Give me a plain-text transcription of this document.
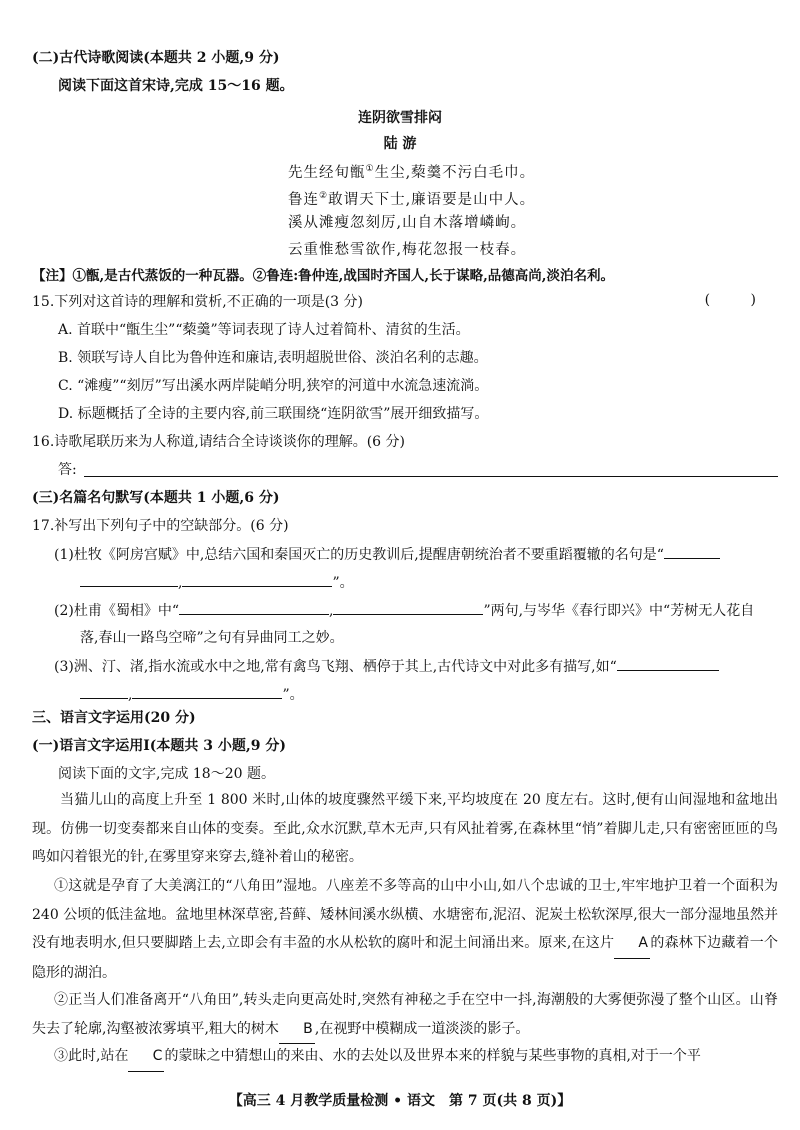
(二)古代诗歌阅读(本题共 2 小题,9 分)
阅读下面这首宋诗,完成 15～16 题。
连阴欲雪排闷
陆 游
先生经旬甑①生尘,蔾羹不污白毛巾。
鲁连②敢谓天下士,廉语要是山中人。
溪从滩瘦忽刻厉,山自木落增嶙峋。
云重惟愁雪欲作,梅花忽报一枝春。
【注】①甑,是古代蒸饭的一种瓦器。②鲁连:鲁仲连,战国时齐国人,长于谋略,品德高尚,淡泊名利。
15.下列对这首诗的理解和赏析,不正确的一项是(3 分)	( )
A. 首联中“甑生尘”“蔾羹”等词表现了诗人过着简朴、清贫的生活。
B. 领联写诗人自比为鲁仲连和廉诘,表明超脱世俗、淡泊名利的志趣。
C. “滩瘦”“刻厉”写出溪水两岸陡峭分明,狭窄的河道中水流急速流淌。
D. 标题概括了全诗的主要内容,前三联围绕“连阴欲雪”展开细致描写。
16.诗歌尾联历来为人称道,请结合全诗谈谈你的理解。(6 分)
答:
(三)名篇名句默写(本题共 1 小题,6 分)
17.补写出下列句子中的空缺部分。(6 分)
(1)杜牧《阿房宫赋》中,总结六国和秦国灭亡的历史教训后,提醒唐朝统治者不要重蹈覆辙的名句是“
,	”。
(2)杜甫《蜀相》中“	,	”两句,与岑华《春行即兴》中“芳树无人花自
落,春山一路鸟空啼”之句有异曲同工之妙。
(3)洲、汀、渚,指水流或水中之地,常有禽鸟飞翔、栖停于其上,古代诗文中对此多有描写,如“
,	”。
三、语言文字运用(20 分)
(一)语言文字运用Ⅰ(本题共 3 小题,9 分)
阅读下面的文字,完成 18～20 题。
当猫儿山的高度上升至 1 800 米时,山体的坡度骤然平缓下来,平均坡度在 20 度左右。这时,便有山间湿地和盆地出现。仿佛一切变奏都来自山体的变奏。至此,众水沉默,草木无声,只有风扯着雾,在森林里“悄”着脚儿走,只有密密匝匝的鸟鸣如闪着银光的针,在雾里穿来穿去,缝补着山的秘密。
①这就是孕育了大美漓江的“八角田”湿地。八座差不多等高的山中小山,如八个忠诚的卫士,牢牢地护卫着一个面积为 240 公顷的低洼盆地。盆地里林深草密,苔藓、矮林间溪水纵横、水塘密布,泥沼、泥炭土松软深厚,很大一部分湿地虽然并没有地表明水,但只要脚踏上去,立即会有丰盈的水从松软的腐叶和泥土间涌出来。原来,在这片 A 的森林下边藏着一个隐形的湖泊。
②正当人们准备离开“八角田”,转头走向更高处时,突然有神秘之手在空中一抖,海潮般的大雾便弥漫了整个山区。山脊失去了轮廓,沟壑被浓雾填平,粗大的树木 B ,在视野中模糊成一道淡淡的影子。
③此时,站在 C 的蒙昧之中猜想山的来由、水的去处以及世界本来的样貌与某些事物的真相,对于一个平
【高三 4 月教学质量检测 • 语文　第 7 页(共 8 页)】
